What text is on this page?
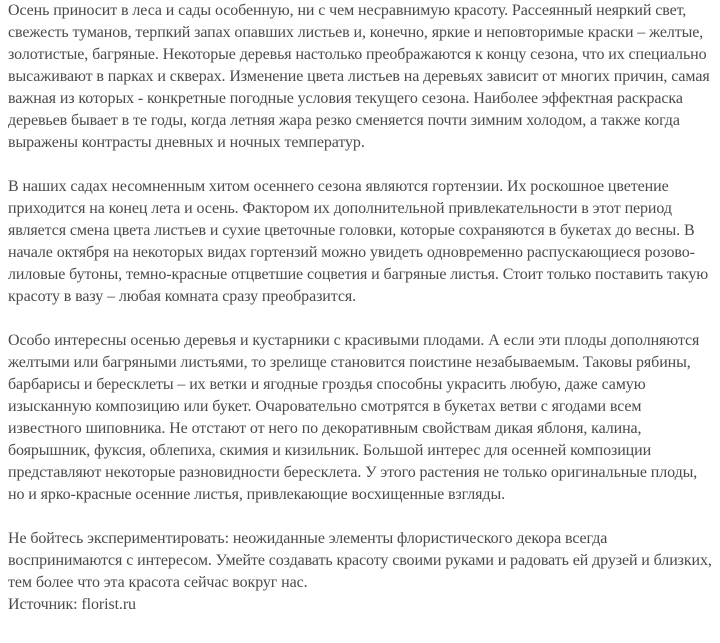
Осень приносит в леса и сады особенную, ни с чем несравнимую красоту. Рассеянный неяркий свет, свежесть туманов, терпкий запах опавших листьев и, конечно, яркие и неповторимые краски – желтые, золотистые, багряные. Некоторые деревья настолько преображаются к концу сезона, что их специально высаживают в парках и скверах. Изменение цвета листьев на деревьях зависит от многих причин, самая важная из которых - конкретные погодные условия текущего сезона. Наиболее эффектная раскраска деревьев бывает в те годы, когда летняя жара резко сменяется почти зимним холодом, а также когда выражены контрасты дневных и ночных температур.

В наших садах несомненным хитом осеннего сезона являются гортензии. Их роскошное цветение приходится на конец лета и осень. Фактором их дополнительной привлекательности в этот период является смена цвета листьев и сухие цветочные головки, которые сохраняются в букетах до весны. В начале октября на некоторых видах гортензий можно увидеть одновременно распускающиеся розово-лиловые бутоны, темно-красные отцветшие соцветия и багряные листья. Стоит только поставить такую красоту в вазу – любая комната сразу преобразится.

Особо интересны осенью деревья и кустарники с красивыми плодами. А если эти плоды дополняются желтыми или багряными листьями, то зрелище становится поистине незабываемым. Таковы рябины, барбарисы и бересклеты – их ветки и ягодные гроздья способны украсить любую, даже самую изысканную композицию или букет. Очаровательно смотрятся в букетах ветви с ягодами всем известного шиповника. Не отстают от него по декоративным свойствам дикая яблоня, калина, боярышник, фуксия, облепиха, скимия и кизильник. Большой интерес для осенней композиции представляют некоторые разновидности бересклета. У этого растения не только оригинальные плоды, но и ярко-красные осенние листья, привлекающие восхищенные взгляды.

Не бойтесь экспериментировать: неожиданные элементы флористического декора всегда воспринимаются с интересом. Умейте создавать красоту своими руками и радовать ей друзей и близких, тем более что эта красота сейчас вокруг нас.

Источник: florist.ru
